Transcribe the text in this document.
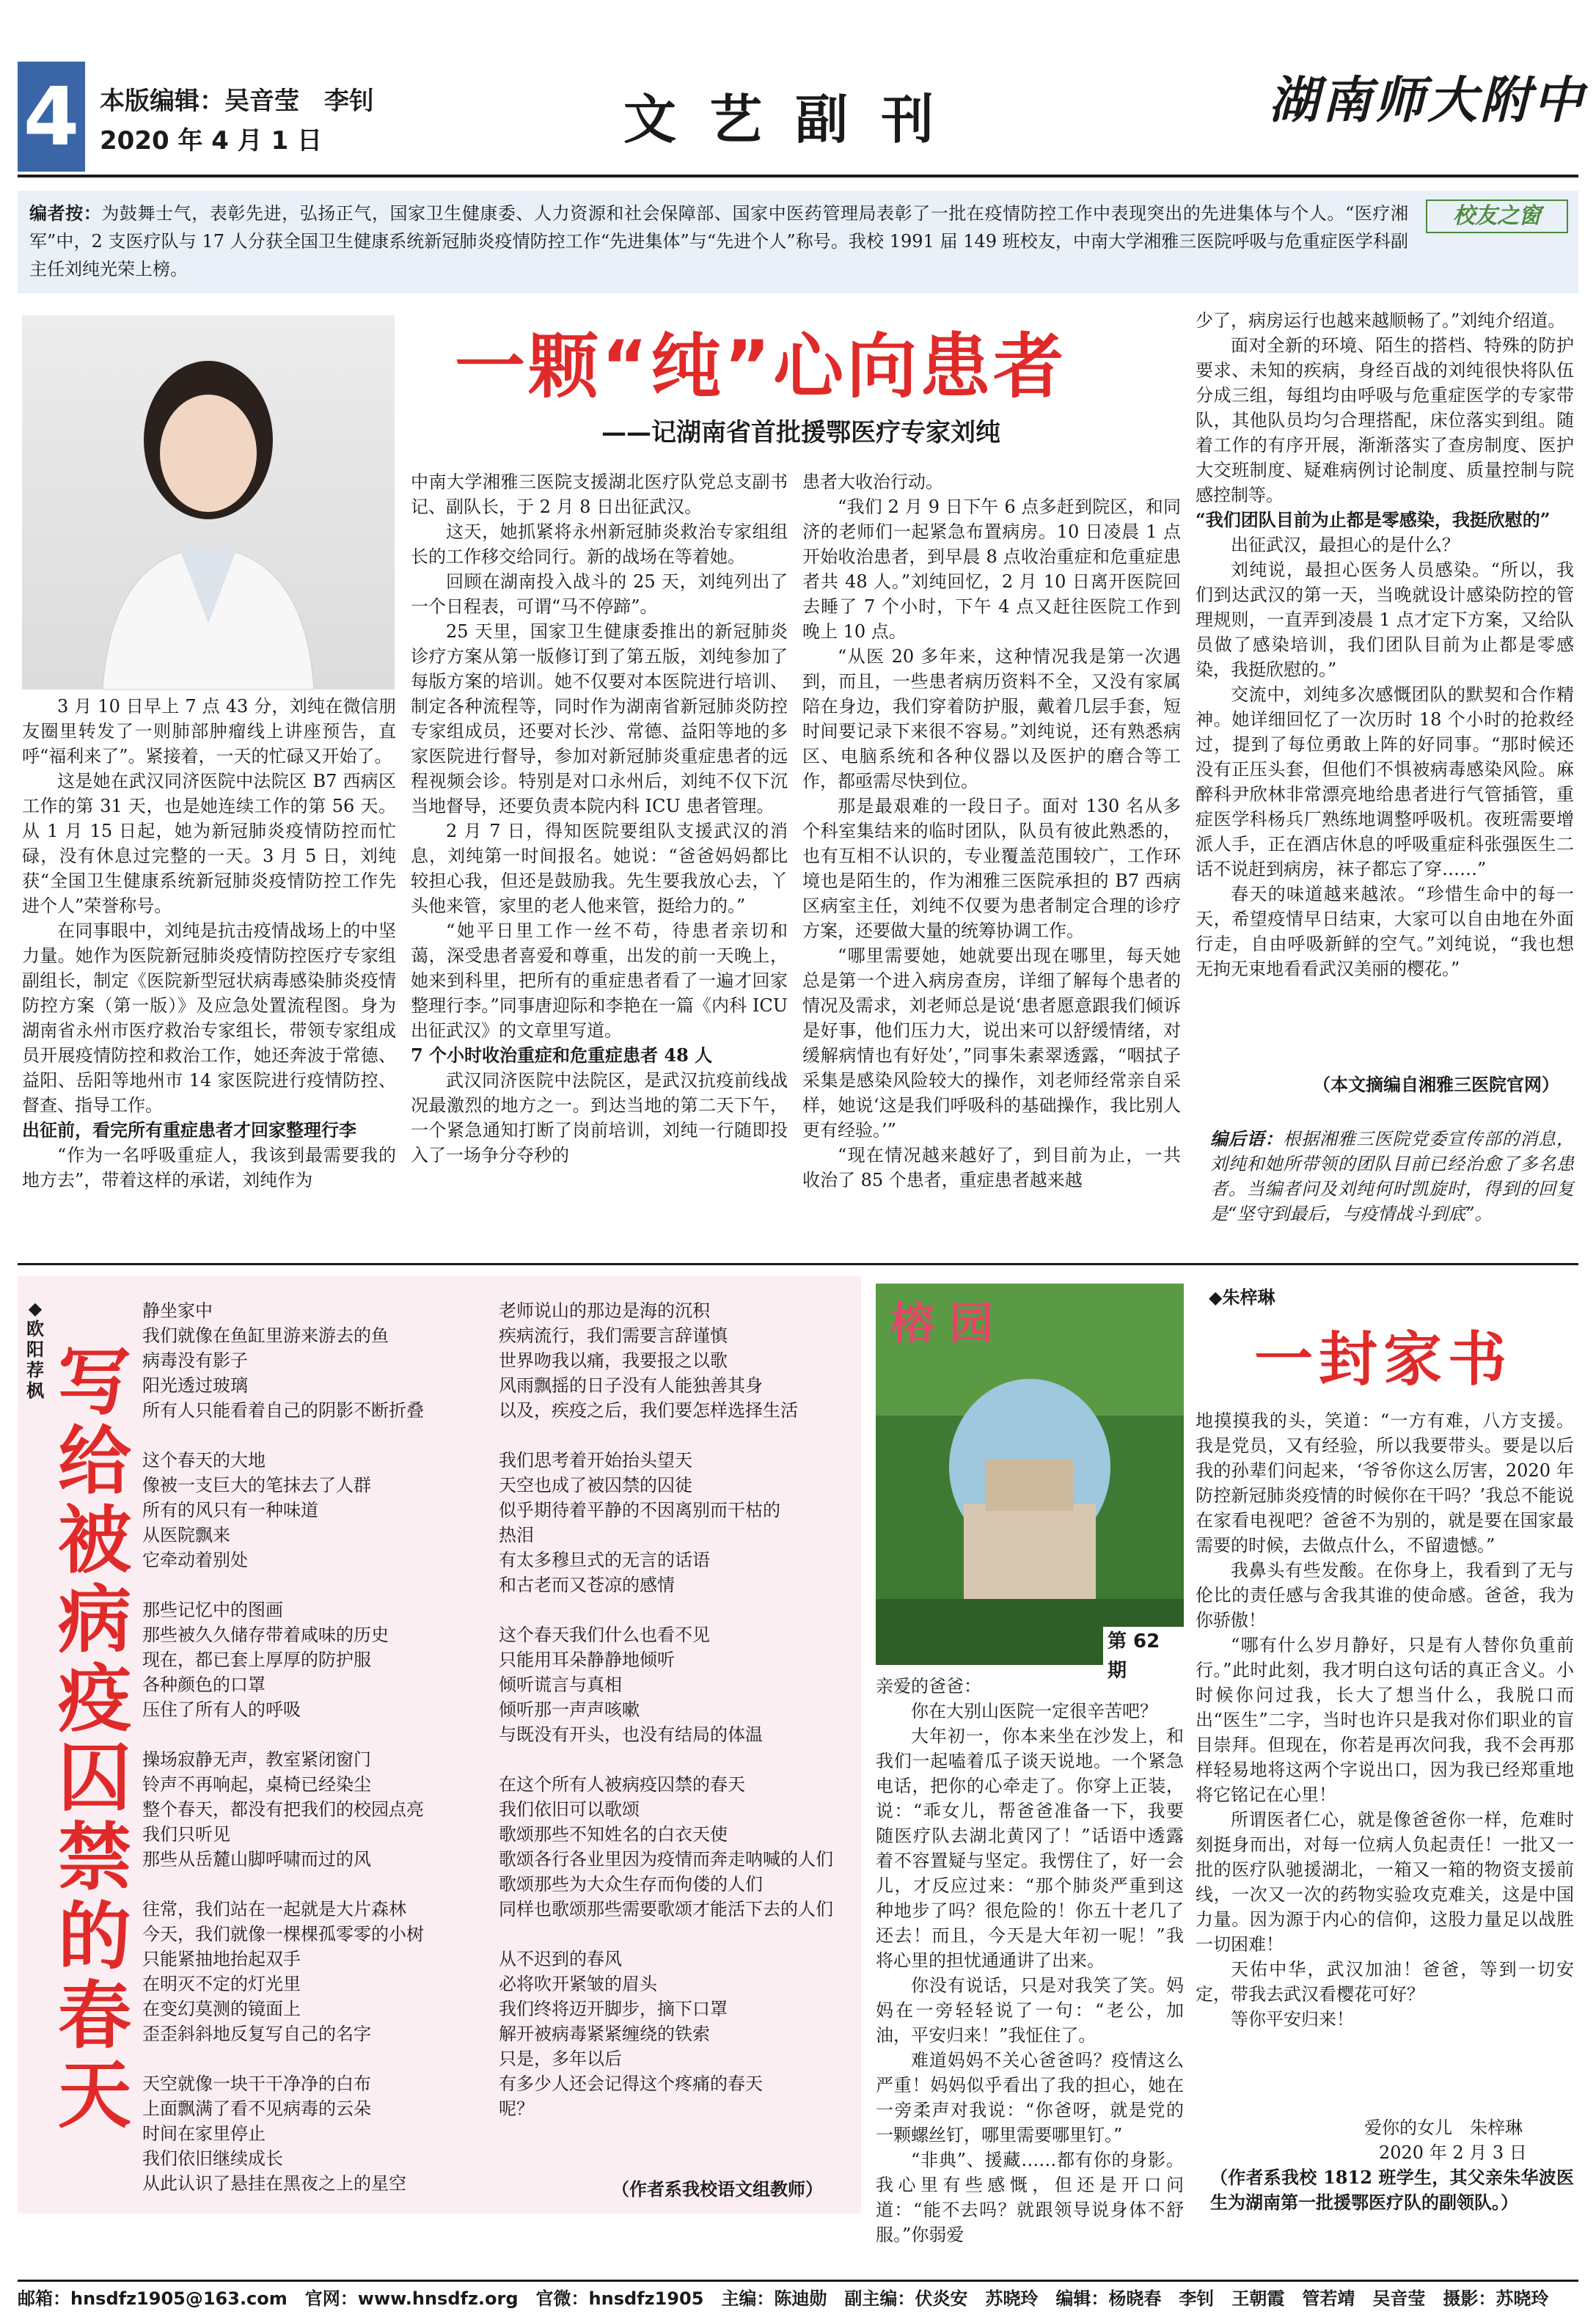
4 本版编辑：吴音莹　李钊
2020 年 4 月 1 日	文 艺 副 刊	湖南师大附中
编者按：为鼓舞士气，表彰先进，弘扬正气，国家卫生健康委、人力资源和社会保障部、国家中医药管理局表彰了一批在疫情防控工作中表现突出的先进集体与个人。“医疗湘军”中，2 支医疗队与 17 人分获全国卫生健康系统新冠肺炎疫情防控工作“先进集体”与“先进个人”称号。我校 1991 届 149 班校友，中南大学湘雅三医院呼吸与危重症医学科副主任刘纯光荣上榜。
校友之窗
一颗“纯”心向患者
——记湖南省首批援鄂医疗专家刘纯

3 月 10 日早上 7 点 43 分，刘纯在微信朋友圈里转发了一则肺部肿瘤线上讲座预告，直呼“福利来了”。紧接着，一天的忙碌又开始了。

这是她在武汉同济医院中法院区 B7 西病区工作的第 31 天，也是她连续工作的第 56 天。从 1 月 15 日起，她为新冠肺炎疫情防控而忙碌，没有休息过完整的一天。3 月 5 日，刘纯获“全国卫生健康系统新冠肺炎疫情防控工作先进个人”荣誉称号。

在同事眼中，刘纯是抗击疫情战场上的中坚力量。她作为医院新冠肺炎疫情防控医疗专家组副组长，制定《医院新型冠状病毒感染肺炎疫情防控方案（第一版）》及应急处置流程图。身为湖南省永州市医疗救治专家组长，带领专家组成员开展疫情防控和救治工作，她还奔波于常德、益阳、岳阳等地州市 14 家医院进行疫情防控、督查、指导工作。

出征前，看完所有重症患者才回家整理行李

“作为一名呼吸重症人，我该到最需要我的地方去”，带着这样的承诺，刘纯作为

中南大学湘雅三医院支援湖北医疗队党总支副书记、副队长，于 2 月 8 日出征武汉。

这天，她抓紧将永州新冠肺炎救治专家组组长的工作移交给同行。新的战场在等着她。

回顾在湖南投入战斗的 25 天，刘纯列出了一个日程表，可谓“马不停蹄”。

25 天里，国家卫生健康委推出的新冠肺炎诊疗方案从第一版修订到了第五版，刘纯参加了每版方案的培训。她不仅要对本医院进行培训、制定各种流程等，同时作为湖南省新冠肺炎防控专家组成员，还要对长沙、常德、益阳等地的多家医院进行督导，参加对新冠肺炎重症患者的远程视频会诊。特别是对口永州后，刘纯不仅下沉当地督导，还要负责本院内科 ICU 患者管理。

2 月 7 日，得知医院要组队支援武汉的消息，刘纯第一时间报名。她说：“爸爸妈妈都比较担心我，但还是鼓励我。先生要我放心去，丫头他来管，家里的老人他来管，挺给力的。”

“她平日里工作一丝不苟，待患者亲切和蔼，深受患者喜爱和尊重，出发的前一天晚上，她来到科里，把所有的重症患者看了一遍才回家整理行李。”同事唐迎际和李艳在一篇《内科 ICU 出征武汉》的文章里写道。

7 个小时收治重症和危重症患者 48 人

武汉同济医院中法院区，是武汉抗疫前线战况最激烈的地方之一。到达当地的第二天下午，一个紧急通知打断了岗前培训，刘纯一行随即投入了一场争分夺秒的

患者大收治行动。

“我们 2 月 9 日下午 6 点多赶到院区，和同济的老师们一起紧急布置病房。10 日凌晨 1 点开始收治患者，到早晨 8 点收治重症和危重症患者共 48 人。”刘纯回忆，2 月 10 日离开医院回去睡了 7 个小时，下午 4 点又赶往医院工作到晚上 10 点。

“从医 20 多年来，这种情况我是第一次遇到，而且，一些患者病历资料不全，又没有家属陪在身边，我们穿着防护服，戴着几层手套，短时间要记录下来很不容易。”刘纯说，还有熟悉病区、电脑系统和各种仪器以及医护的磨合等工作，都亟需尽快到位。

那是最艰难的一段日子。面对 130 名从多个科室集结来的临时团队，队员有彼此熟悉的，也有互相不认识的，专业覆盖范围较广，工作环境也是陌生的，作为湘雅三医院承担的 B7 西病区病室主任，刘纯不仅要为患者制定合理的诊疗方案，还要做大量的统筹协调工作。

“哪里需要她，她就要出现在哪里，每天她总是第一个进入病房查房，详细了解每个患者的情况及需求，刘老师总是说‘患者愿意跟我们倾诉是好事，他们压力大，说出来可以舒缓情绪，对缓解病情也有好处’，”同事朱素翠透露，“咽拭子采集是感染风险较大的操作，刘老师经常亲自采样，她说‘这是我们呼吸科的基础操作，我比别人更有经验。’”

“现在情况越来越好了，到目前为止，一共收治了 85 个患者，重症患者越来越

少了，病房运行也越来越顺畅了。”刘纯介绍道。

面对全新的环境、陌生的搭档、特殊的防护要求、未知的疾病，身经百战的刘纯很快将队伍分成三组，每组均由呼吸与危重症医学的专家带队，其他队员均匀合理搭配，床位落实到组。随着工作的有序开展，渐渐落实了查房制度、医护大交班制度、疑难病例讨论制度、质量控制与院感控制等。

“我们团队目前为止都是零感染，我挺欣慰的”

出征武汉，最担心的是什么？

刘纯说，最担心医务人员感染。“所以，我们到达武汉的第一天，当晚就设计感染防控的管理规则，一直弄到凌晨 1 点才定下方案，又给队员做了感染培训，我们团队目前为止都是零感染，我挺欣慰的。”

交流中，刘纯多次感慨团队的默契和合作精神。她详细回忆了一次历时 18 个小时的抢救经过，提到了每位勇敢上阵的好同事。“那时候还没有正压头套，但他们不惧被病毒感染风险。麻醉科尹欣林非常漂亮地给患者进行气管插管，重症医学科杨兵厂熟练地调整呼吸机。夜班需要增派人手，正在酒店休息的呼吸重症科张强医生二话不说赶到病房，袜子都忘了穿……”

春天的味道越来越浓。“珍惜生命中的每一天，希望疫情早日结束，大家可以自由地在外面行走，自由呼吸新鲜的空气。”刘纯说，“我也想无拘无束地看看武汉美丽的樱花。”

（本文摘编自湘雅三医院官网）
编后语：根据湘雅三医院党委宣传部的消息，刘纯和她所带领的团队目前已经治愈了多名患者。当编者问及刘纯何时凯旋时，得到的回复是“坚守到最后，与疫情战斗到底”。
◆

欧阳荐枫 写给被病疫囚禁的春天
静坐家中
我们就像在鱼缸里游来游去的鱼
病毒没有影子
阳光透过玻璃
所有人只能看着自己的阴影不断折叠
这个春天的大地
像被一支巨大的笔抹去了人群
所有的风只有一种味道
从医院飘来
它牵动着别处
那些记忆中的图画
那些被久久储存带着咸味的历史
现在，都已套上厚厚的防护服
各种颜色的口罩
压住了所有人的呼吸
操场寂静无声，教室紧闭窗门
铃声不再响起，桌椅已经染尘
整个春天，都没有把我们的校园点亮
我们只听见
那些从岳麓山脚呼啸而过的风
往常，我们站在一起就是大片森林
今天，我们就像一棵棵孤零零的小树
只能紧抽地抬起双手
在明灭不定的灯光里
在变幻莫测的镜面上
歪歪斜斜地反复写自己的名字
天空就像一块干干净净的白布
上面飘满了看不见病毒的云朵
时间在家里停止
我们依旧继续成长
从此认识了悬挂在黑夜之上的星空
老师说山的那边是海的沉积
疾病流行，我们需要言辞谨慎
世界吻我以痛，我要报之以歌
风雨飘摇的日子没有人能独善其身
以及，疾疫之后，我们要怎样选择生活
我们思考着开始抬头望天
天空也成了被囚禁的囚徒
似乎期待着平静的不因离别而干枯的
热泪
有太多穆旦式的无言的话语
和古老而又苍凉的感情
这个春天我们什么也看不见
只能用耳朵静静地倾听
倾听谎言与真相
倾听那一声声咳嗽
与既没有开头，也没有结局的体温
在这个所有人被病疫囚禁的春天
我们依旧可以歌颂
歌颂那些不知姓名的白衣天使
歌颂各行各业里因为疫情而奔走呐喊的人们
歌颂那些为大众生存而佝偻的人们
同样也歌颂那些需要歌颂才能活下去的人们
从不迟到的春风
必将吹开紧皱的眉头
我们终将迈开脚步，摘下口罩
解开被病毒紧紧缠绕的铁索
只是，多年以后
有多少人还会记得这个疼痛的春天
呢？
（作者系我校语文组教师）
榕园
第 62 期
◆朱梓琳
一封家书

亲爱的爸爸：

你在大别山医院一定很辛苦吧？

大年初一，你本来坐在沙发上，和我们一起嗑着瓜子谈天说地。一个紧急电话，把你的心牵走了。你穿上正装，说：“乖女儿，帮爸爸准备一下，我要随医疗队去湖北黄冈了！”话语中透露着不容置疑与坚定。我愣住了，好一会儿，才反应过来：“那个肺炎严重到这种地步了吗？很危险的！你五十老几了还去！而且，今天是大年初一呢！”我将心里的担忧通通讲了出来。

你没有说话，只是对我笑了笑。妈妈在一旁轻轻说了一句：“老公，加油，平安归来！”我怔住了。

难道妈妈不关心爸爸吗？疫情这么严重！妈妈似乎看出了我的担心，她在一旁柔声对我说：“你爸呀，就是党的一颗螺丝钉，哪里需要哪里钉。”

“非典”、援藏……都有你的身影。我心里有些感慨，但还是开口问道：“能不去吗？就跟领导说身体不舒服。”你弱爱

地摸摸我的头，笑道：“一方有难，八方支援。我是党员，又有经验，所以我要带头。要是以后我的孙辈们问起来，‘爷爷你这么厉害，2020 年防控新冠肺炎疫情的时候你在干吗？’我总不能说在家看电视吧？爸爸不为别的，就是要在国家最需要的时候，去做点什么，不留遗憾。”

我鼻头有些发酸。在你身上，我看到了无与伦比的责任感与舍我其谁的使命感。爸爸，我为你骄傲！

“哪有什么岁月静好，只是有人替你负重前行。”此时此刻，我才明白这句话的真正含义。小时候你问过我，长大了想当什么，我脱口而出“医生”二字，当时也许只是我对你们职业的盲目崇拜。但现在，你若是再次问我，我不会再那样轻易地将这两个字说出口，因为我已经郑重地将它铭记在心里！

所谓医者仁心，就是像爸爸你一样，危难时刻挺身而出，对每一位病人负起责任！一批又一批的医疗队驰援湖北，一箱又一箱的物资支援前线，一次又一次的药物实验攻克难关，这是中国力量。因为源于内心的信仰，这股力量足以战胜一切困难！

天佑中华，武汉加油！爸爸，等到一切安定，带我去武汉看樱花可好？

等你平安归来！

爱你的女儿　朱梓琳
2020 年 2 月 3 日
（作者系我校 1812 班学生，其父亲朱华波医生为湖南第一批援鄂医疗队的副领队。）
邮箱：hnsdfz1905@163.com　官网：www.hnsdfz.org　官微：hnsdfz1905　主编：陈迪勋　副主编：伏炎安　苏晓玲　编辑：杨晓春　李钊　王朝霞　管若靖　吴音莹　摄影：苏晓玲
